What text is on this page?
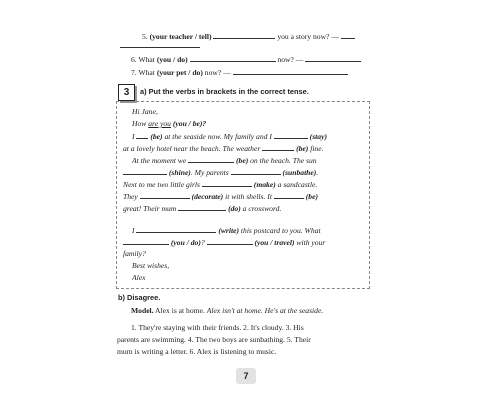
5. (your teacher / tell)	you a story now? —
6. What (you / do)	now? —
7. What (your pet / do) now? —
3	a) Put the verbs in brackets in the correct tense.
Hi Jane,
How are you (you / be)?
I  (be) at the seaside now. My family and I	(stay)
at a lovely hotel near the beach. The weather	(be) fine.
At the moment we	(be) on the beach. The sun
(shine). My parents	(sunbathe).
Next to me two little girls	(make) a sandcastle.
They	(decorate) it with shells. It	(be)
great! Their mum	(do) a crossword.
I	(write) this postcard to you. What
(you / do)?	(you / travel) with your
family?
Best wishes,
Alex
b) Disagree.
Model. Alex is at home. Alex isn't at home. He's at the seaside.
1. They're staying with their friends. 2. It's cloudy. 3. His
parents are swimming. 4. The two boys are sunbathing. 5. Their
mum is writing a letter. 6. Alex is listening to music.
7
